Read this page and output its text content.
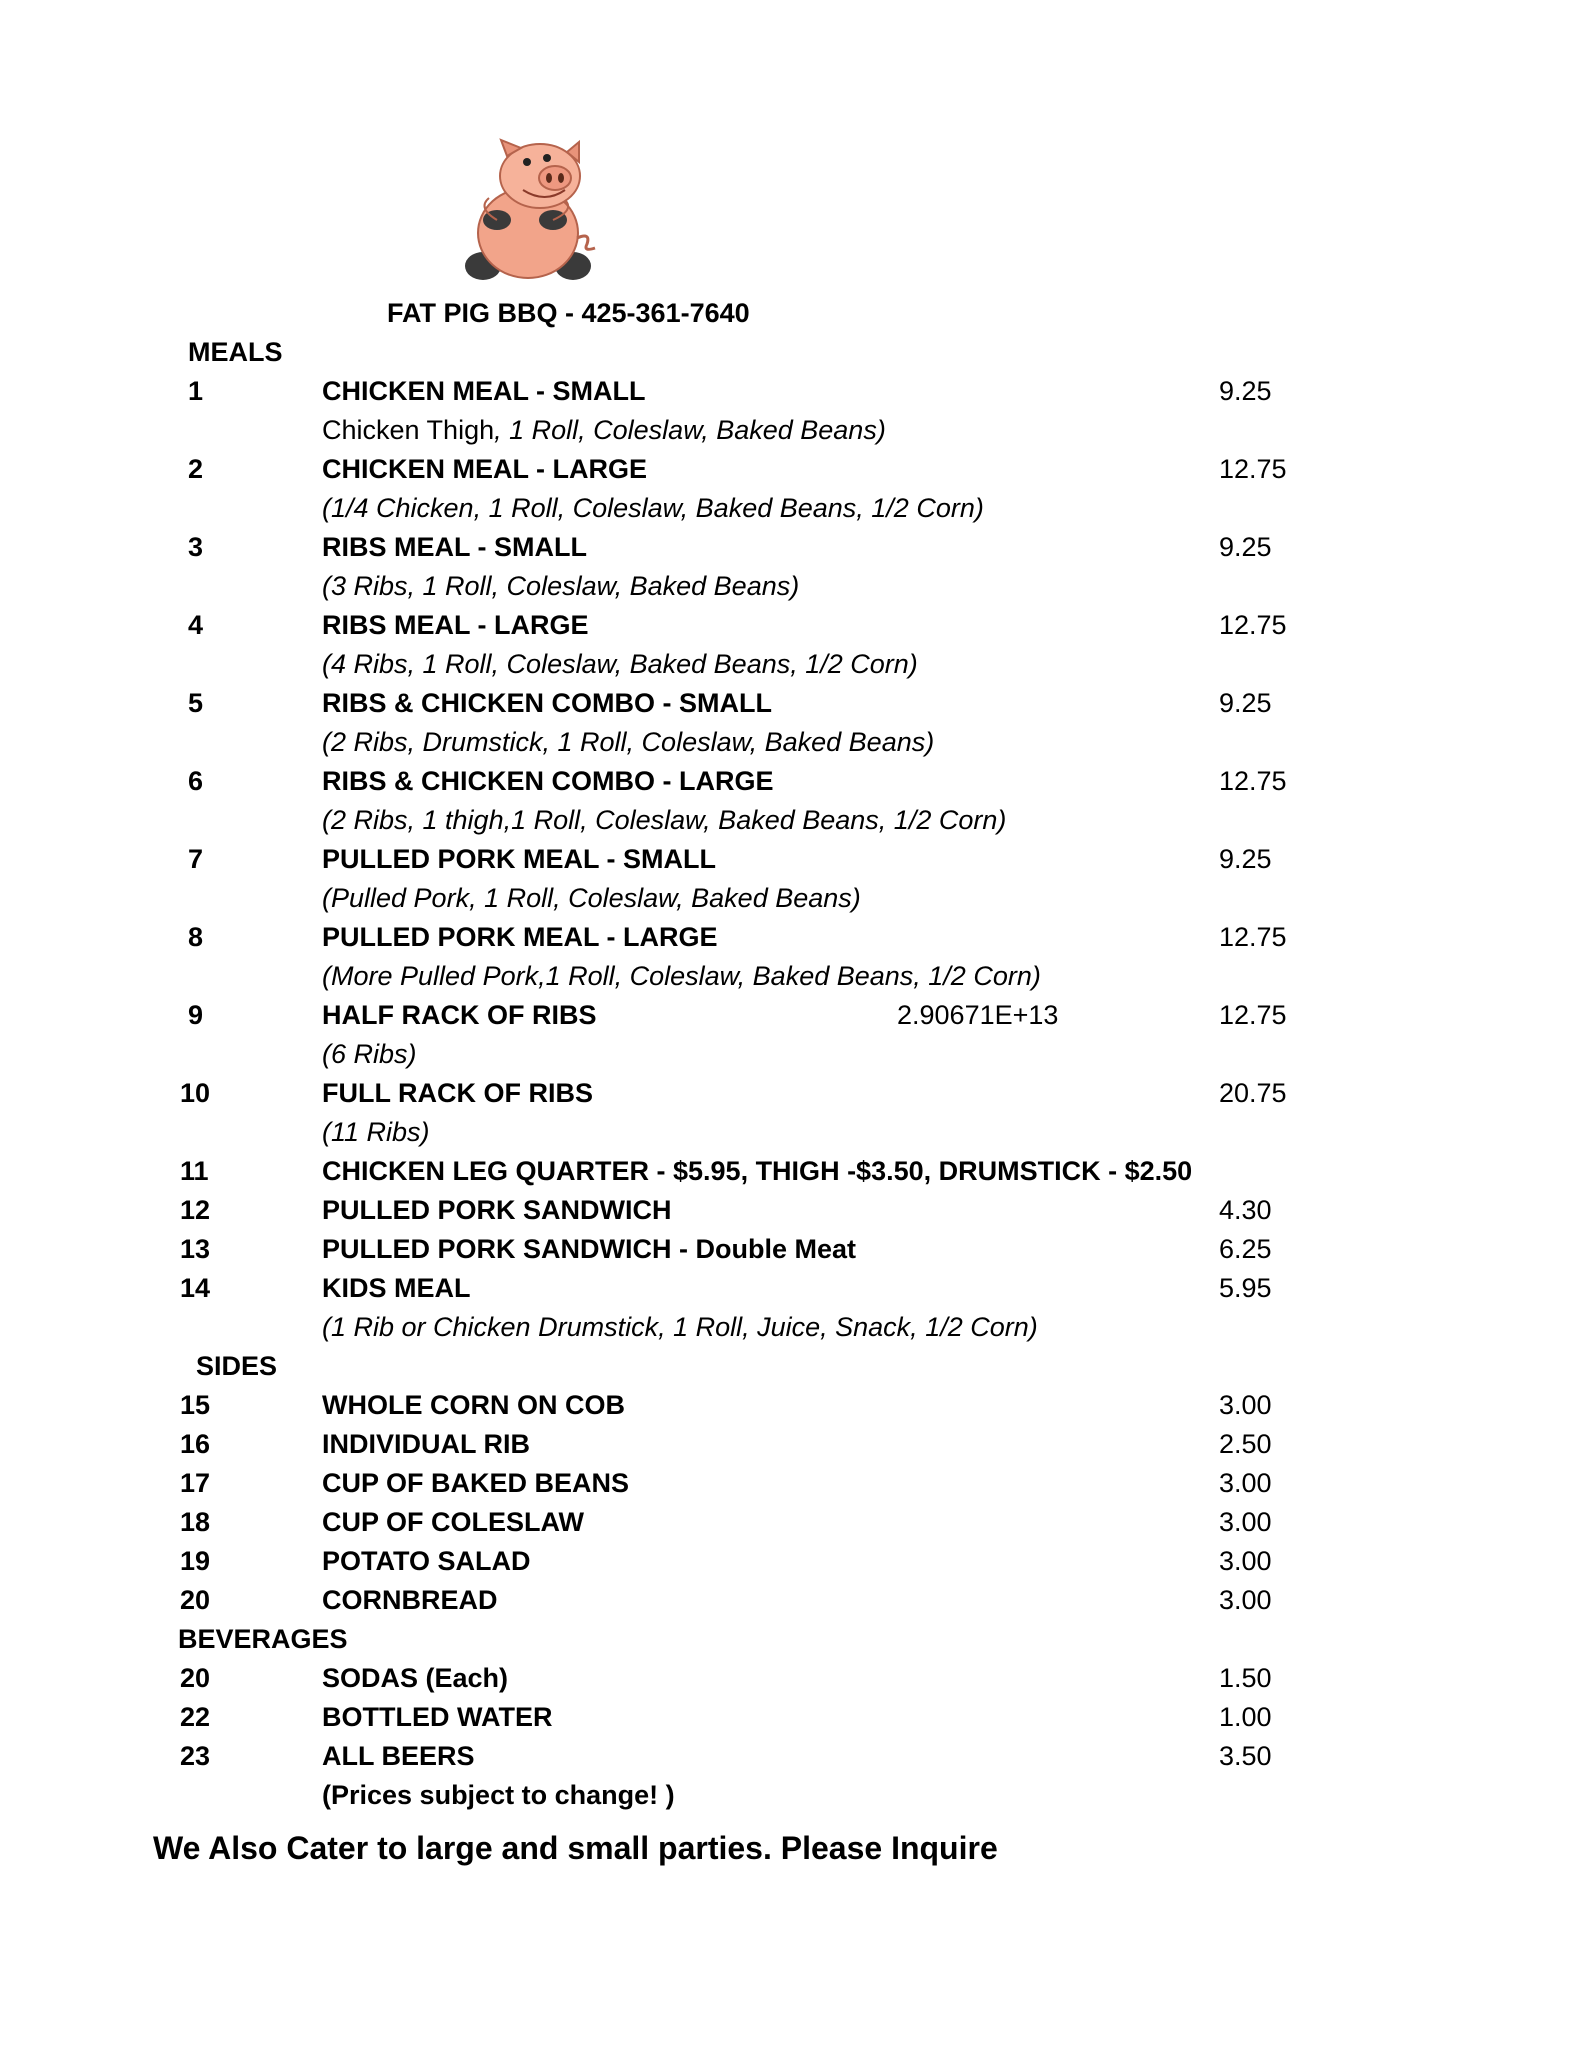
FAT PIG BBQ - 425-361-7640
MEALS
1	CHICKEN MEAL - SMALL	9.25
Chicken Thigh, 1 Roll, Coleslaw, Baked Beans)
2	CHICKEN MEAL - LARGE	12.75
(1/4 Chicken, 1 Roll, Coleslaw, Baked Beans, 1/2 Corn)
3	RIBS MEAL - SMALL	9.25
(3 Ribs, 1 Roll, Coleslaw, Baked Beans)
4	RIBS MEAL - LARGE	12.75
(4 Ribs, 1 Roll, Coleslaw, Baked Beans, 1/2 Corn)
5	RIBS & CHICKEN COMBO - SMALL	9.25
(2 Ribs, Drumstick, 1 Roll, Coleslaw, Baked Beans)
6	RIBS & CHICKEN COMBO - LARGE	12.75
(2 Ribs, 1 thigh,1 Roll, Coleslaw, Baked Beans, 1/2 Corn)
7	PULLED PORK MEAL - SMALL	9.25
(Pulled Pork, 1 Roll, Coleslaw, Baked Beans)
8	PULLED PORK MEAL - LARGE	12.75
(More Pulled Pork,1 Roll, Coleslaw, Baked Beans, 1/2 Corn)
9	HALF RACK OF RIBS	2.90671E+13	12.75
(6 Ribs)
10	FULL RACK OF RIBS	20.75
(11 Ribs)
11	CHICKEN LEG QUARTER - $5.95, THIGH -$3.50, DRUMSTICK - $2.50
12	PULLED PORK SANDWICH	4.30
13	PULLED PORK SANDWICH - Double Meat	6.25
14	KIDS MEAL	5.95
(1 Rib or Chicken Drumstick, 1 Roll, Juice, Snack, 1/2 Corn)
SIDES
15	WHOLE CORN ON COB	3.00
16	INDIVIDUAL RIB	2.50
17	CUP OF BAKED BEANS	3.00
18	CUP OF COLESLAW	3.00
19	POTATO SALAD	3.00
20	CORNBREAD	3.00
BEVERAGES
20	SODAS (Each)	1.50
22	BOTTLED WATER	1.00
23	ALL BEERS	3.50
(Prices subject to change! )
We Also Cater to large and small parties. Please Inquire
